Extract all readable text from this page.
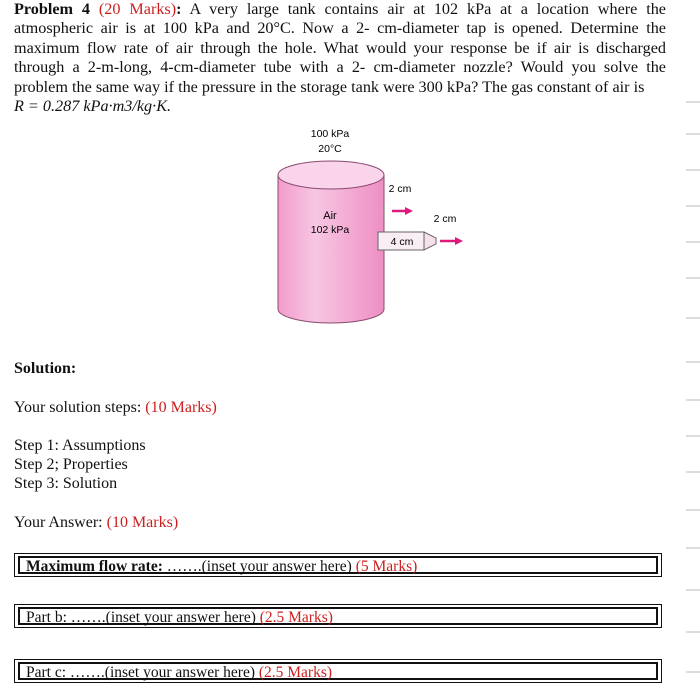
Problem 4 (20 Marks): A very large tank contains air at 102 kPa at a location where the atmospheric air is at 100 kPa and 20°C. Now a 2- cm-diameter tap is opened. Determine the maximum flow rate of air through the hole. What would your response be if air is discharged through a 2-m-long, 4-cm-diameter tube with a 2- cm-diameter nozzle? Would you solve the problem the same way if the pressure in the storage tank were 300 kPa? The gas constant of air is
R = 0.287 kPa·m3/kg·K.
100 kPa
20°C
Air
102 kPa
2 cm
4 cm
2 cm
Solution:
Your solution steps: (10 Marks)
Step 1: Assumptions
Step 2; Properties
Step 3: Solution
Your Answer: (10 Marks)
Maximum flow rate: …….(inset your answer here) (5 Marks)
Part b: …….(inset your answer here) (2.5 Marks)
Part c: …….(inset your answer here) (2.5 Marks)
